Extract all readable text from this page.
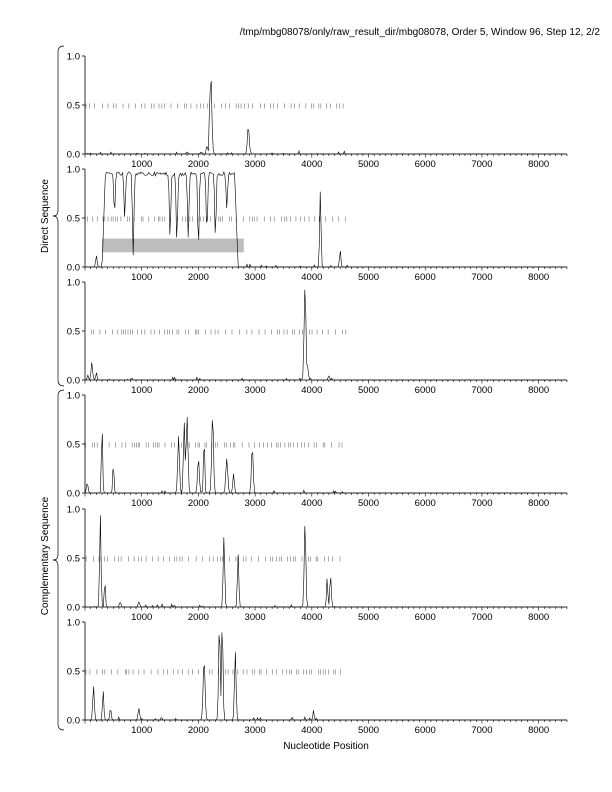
/tmp/mbg08078/only/raw_result_dir/mbg08078, Order 5, Window 96, Step 12, 2/2
0.0
0.5
1.0
1000	2000	3000	4000	5000	6000	7000	8000
0.0
0.5
1.0
1000	2000	3000	4000	5000	6000	7000	8000
0.0
0.5
1.0
1000	2000	3000	4000	5000	6000	7000	8000
0.0
0.5
1.0
1000	2000	3000	4000	5000	6000	7000	8000
0.0
0.5
1.0
1000	2000	3000	4000	5000	6000	7000	8000
0.0
0.5
1.0
1000	2000	3000	4000	5000	6000	7000	8000
Nucleotide Position
Direct Sequence
Complementary Sequence
